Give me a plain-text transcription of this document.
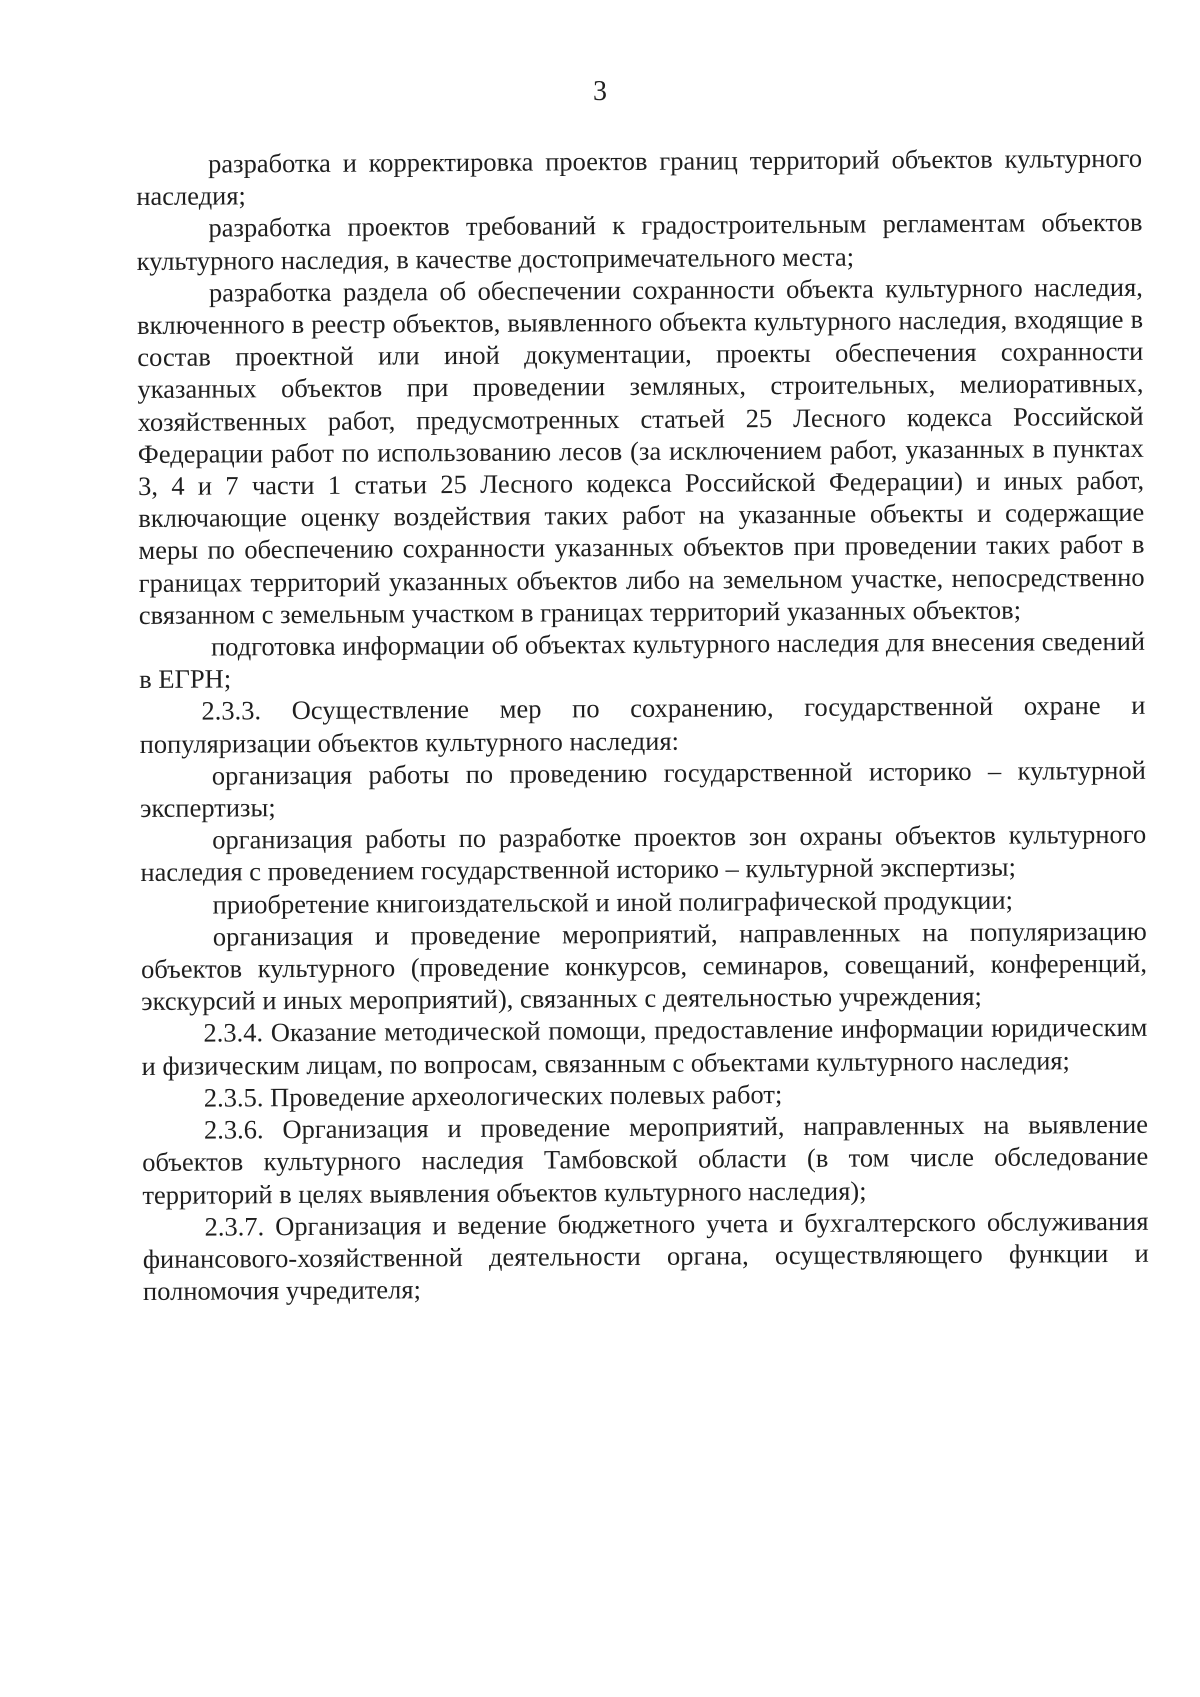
3

разработка и корректировка проектов границ территорий объектов культурного наследия;

разработка проектов требований к градостроительным регламентам объектов культурного наследия, в качестве достопримечательного места;

разработка раздела об обеспечении сохранности объекта культурного наследия, включенного в реестр объектов, выявленного объекта культурного наследия, входящие в состав проектной или иной документации, проекты обеспечения сохранности указанных объектов при проведении земляных, строительных, мелиоративных, хозяйственных работ, предусмотренных статьей 25 Лесного кодекса Российской Федерации работ по использованию лесов (за исключением работ, указанных в пунктах 3, 4 и 7 части 1 статьи 25 Лесного кодекса Российской Федерации) и иных работ, включающие оценку воздействия таких работ на указанные объекты и содержащие меры по обеспечению сохранности указанных объектов при проведении таких работ в границах территорий указанных объектов либо на земельном участке, непосредственно связанном с земельным участком в границах территорий указанных объектов;

подготовка информации об объектах культурного наследия для внесения сведений в ЕГРН;

2.3.3. Осуществление мер по сохранению, государственной охране и популяризации объектов культурного наследия:

организация работы по проведению государственной историко – культурной экспертизы;

организация работы по разработке проектов зон охраны объектов культурного наследия с проведением государственной историко – культурной экспертизы;

приобретение книгоиздательской и иной полиграфической продукции;

организация и проведение мероприятий, направленных на популяризацию объектов культурного (проведение конкурсов, семинаров, совещаний, конференций, экскурсий и иных мероприятий), связанных с деятельностью учреждения;

2.3.4. Оказание методической помощи, предоставление информации юридическим и физическим лицам, по вопросам, связанным с объектами культурного наследия;

2.3.5. Проведение археологических полевых работ;

2.3.6. Организация и проведение мероприятий, направленных на выявление объектов культурного наследия Тамбовской области (в том числе обследование территорий в целях выявления объектов культурного наследия);

2.3.7. Организация и ведение бюджетного учета и бухгалтерского обслуживания финансового-хозяйственной деятельности органа, осуществляющего функции и полномочия учредителя;
